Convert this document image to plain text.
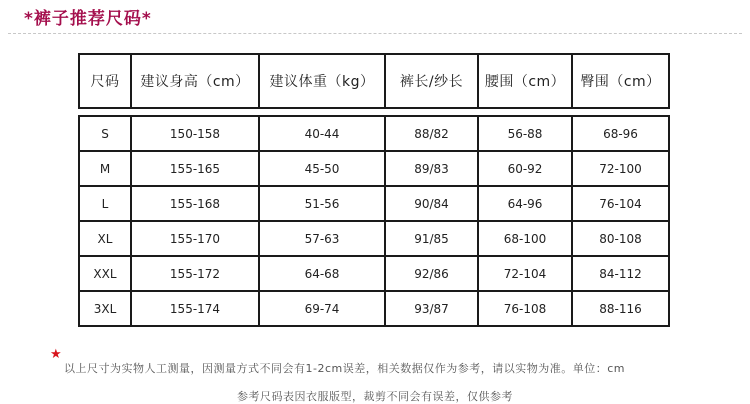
*裤子推荐尺码*
尺码	建议身高（cm）	建议体重（kg）	裤长/纱长	腰围（cm）	臀围（cm）

S	150-158	40-44	88/82	56-88	68-96
M	155-165	45-50	89/83	60-92	72-100
L	155-168	51-56	90/84	64-96	76-104
XL	155-170	57-63	91/85	68-100	80-108
XXL	155-172	64-68	92/86	72-104	84-112
3XL	155-174	69-74	93/87	76-108	88-116
★
以上尺寸为实物人工测量，因测量方式不同会有1-2cm误差，相关数据仅作为参考，请以实物为准。单位：cm
参考尺码表因衣服版型，裁剪不同会有误差，仅供参考
